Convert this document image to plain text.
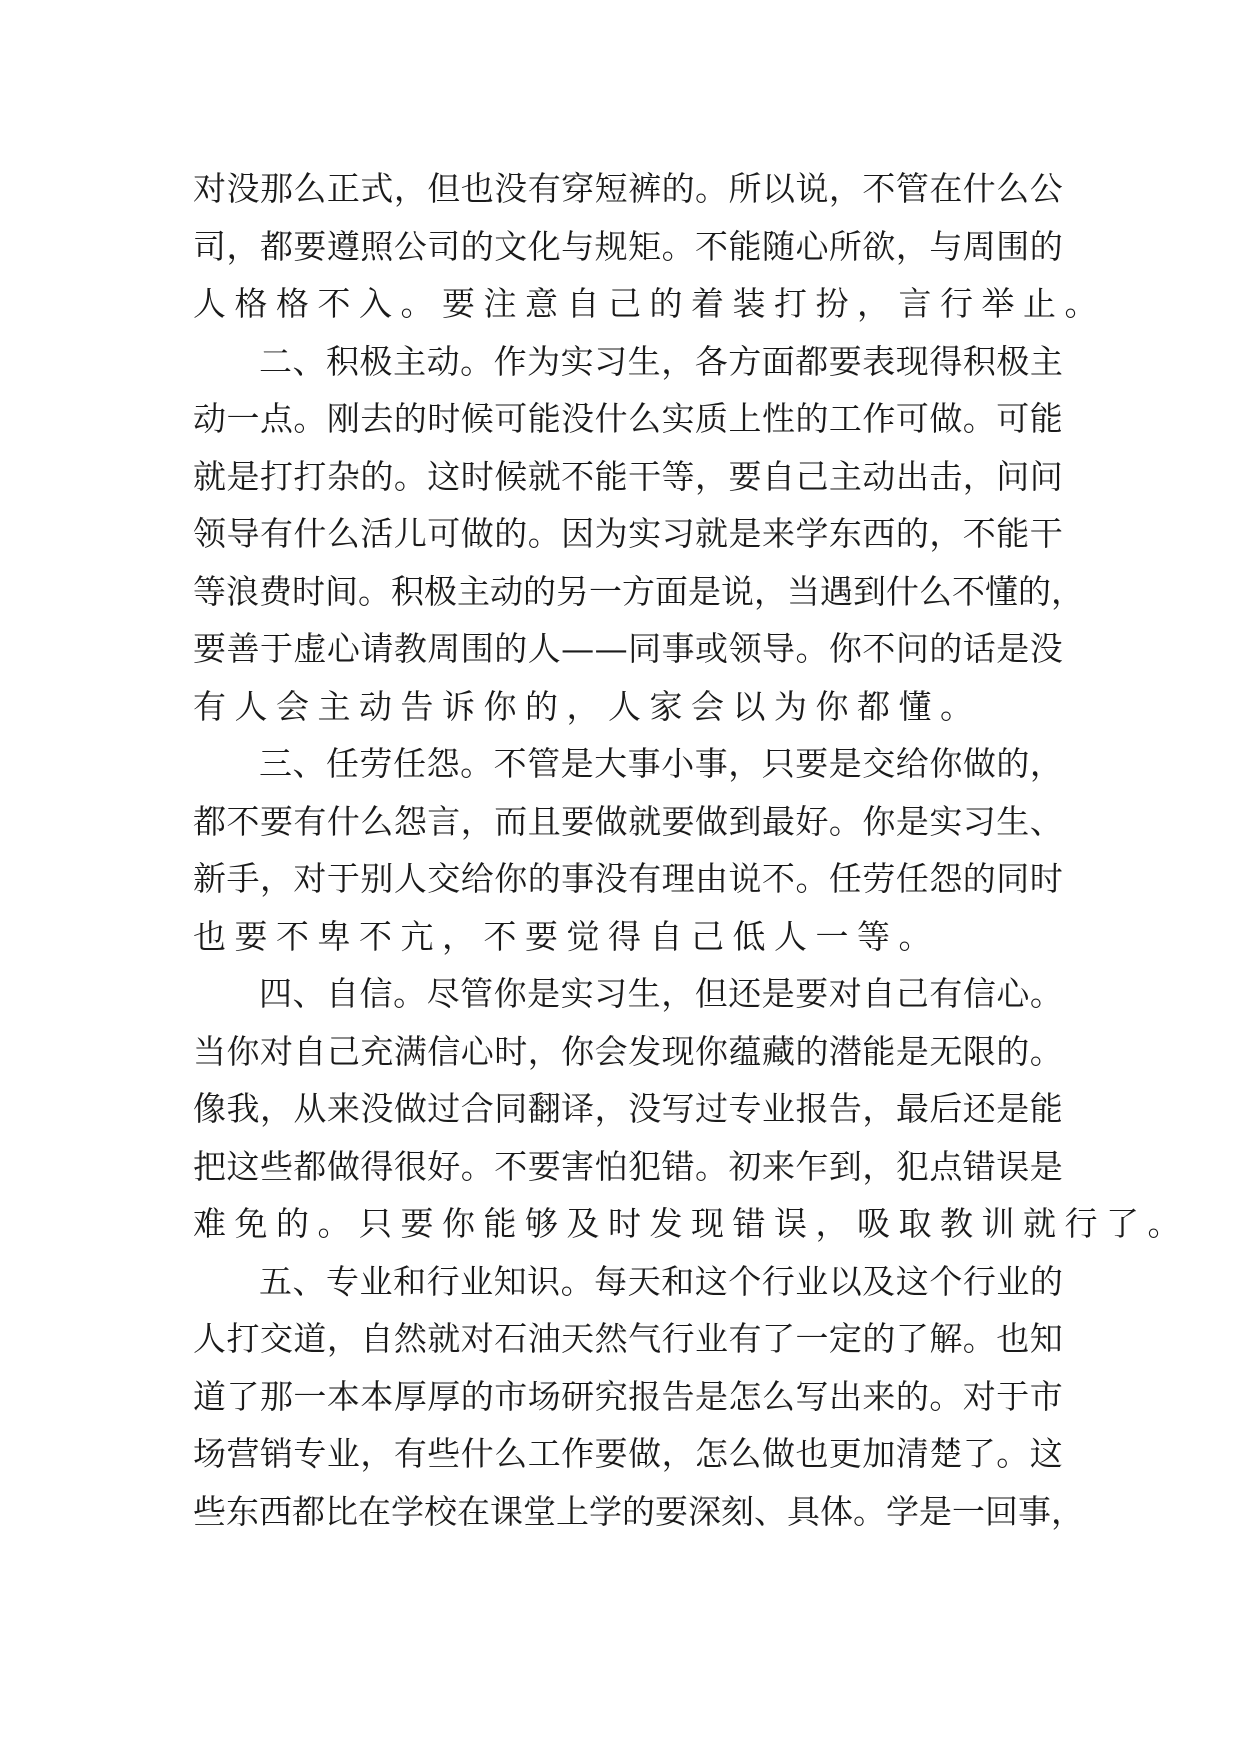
对 没 那 么 正 式 ， 但 也 没 有 穿 短 裤 的 。 所 以 说 ， 不 管 在 什 么 公
司 ， 都 要 遵 照 公 司 的 文 化 与 规 矩 。 不 能 随 心 所 欲 ， 与 周 围 的
人格格不入。要注意自己的着装打扮，言行举止。
二 、 积 极 主 动 。 作 为 实 习 生 ， 各 方 面 都 要 表 现 得 积 极 主
动 一 点 。 刚 去 的 时 候 可 能 没 什 么 实 质 上 性 的 工 作 可 做 。 可 能
就 是 打 打 杂 的 。 这 时 候 就 不 能 干 等 ， 要 自 己 主 动 出 击 ， 问 问
领 导 有 什 么 活 儿 可 做 的 。 因 为 实 习 就 是 来 学 东 西 的 ， 不 能 干
等 浪 费 时 间 。 积 极 主 动 的 另 一 方 面 是 说 ， 当 遇 到 什 么 不 懂 的 ，
要 善 于 虚 心 请 教 周 围 的 人 — — 同 事 或 领 导 。 你 不 问 的 话 是 没
有人会主动告诉你的，人家会以为你都懂。
三 、 任 劳 任 怨 。 不 管 是 大 事 小 事 ， 只 要 是 交 给 你 做 的 ，
都 不 要 有 什 么 怨 言 ， 而 且 要 做 就 要 做 到 最 好 。 你 是 实 习 生 、
新 手 ， 对 于 别 人 交 给 你 的 事 没 有 理 由 说 不 。 任 劳 任 怨 的 同 时
也要不卑不亢，不要觉得自己低人一等。
四 、 自 信 。 尽 管 你 是 实 习 生 ， 但 还 是 要 对 自 己 有 信 心 。
当 你 对 自 己 充 满 信 心 时 ， 你 会 发 现 你 蕴 藏 的 潜 能 是 无 限 的 。
像 我 ， 从 来 没 做 过 合 同 翻 译 ， 没 写 过 专 业 报 告 ， 最 后 还 是 能
把 这 些 都 做 得 很 好 。 不 要 害 怕 犯 错 。 初 来 乍 到 ， 犯 点 错 误 是
难免的。只要你能够及时发现错误，吸取教训就行了。
五 、 专 业 和 行 业 知 识 。 每 天 和 这 个 行 业 以 及 这 个 行 业 的
人 打 交 道 ， 自 然 就 对 石 油 天 然 气 行 业 有 了 一 定 的 了 解 。 也 知
道 了 那 一 本 本 厚 厚 的 市 场 研 究 报 告 是 怎 么 写 出 来 的 。 对 于 市
场 营 销 专 业 ， 有 些 什 么 工 作 要 做 ， 怎 么 做 也 更 加 清 楚 了 。 这
些 东 西 都 比 在 学 校 在 课 堂 上 学 的 要 深 刻 、 具 体 。 学 是 一 回 事 ，
